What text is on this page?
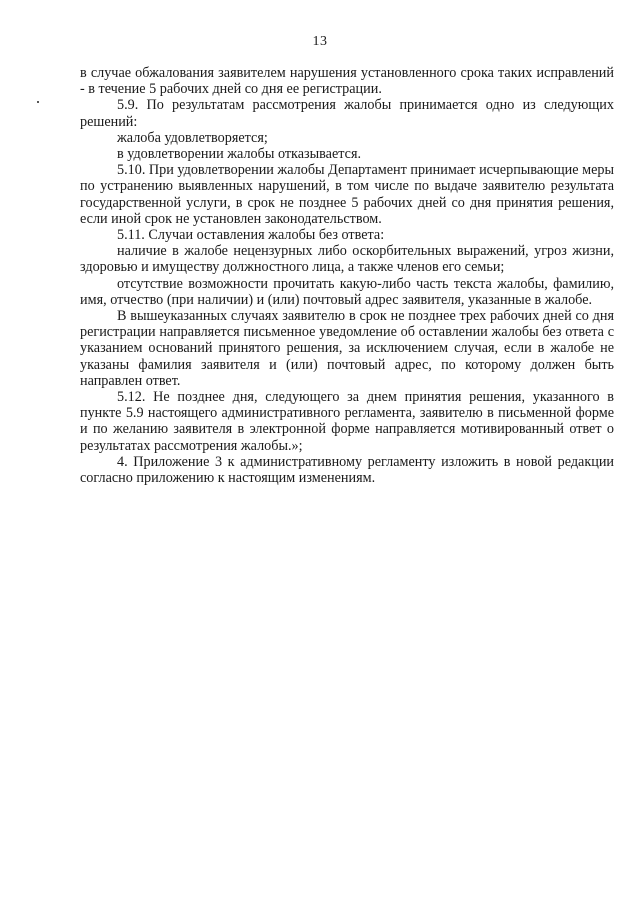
13

в случае обжалования заявителем нарушения установленного срока таких исправлений - в течение 5 рабочих дней со дня ее регистрации.

5.9. По результатам рассмотрения жалобы принимается одно из следующих решений:

жалоба удовлетворяется;

в удовлетворении жалобы отказывается.

5.10. При удовлетворении жалобы Департамент принимает исчерпывающие меры по устранению выявленных нарушений, в том числе по выдаче заявителю результата государственной услуги, в срок не позднее 5 рабочих дней со дня принятия решения, если иной срок не установлен законодательством.

5.11. Случаи оставления жалобы без ответа:

наличие в жалобе нецензурных либо оскорбительных выражений, угроз жизни, здоровью и имуществу должностного лица, а также членов его семьи;

отсутствие возможности прочитать какую-либо часть текста жалобы, фамилию, имя, отчество (при наличии) и (или) почтовый адрес заявителя, указанные в жалобе.

В вышеуказанных случаях заявителю в срок не позднее трех рабочих дней со дня регистрации направляется письменное уведомление об оставлении жалобы без ответа с указанием оснований принятого решения, за исключением случая, если в жалобе не указаны фамилия заявителя и (или) почтовый адрес, по которому должен быть направлен ответ.

5.12. Не позднее дня, следующего за днем принятия решения, указанного в пункте 5.9 настоящего административного регламента, заявителю в письменной форме и по желанию заявителя в электронной форме направляется мотивированный ответ о результатах рассмотрения жалобы.»;

4. Приложение 3 к административному регламенту изложить в новой редакции согласно приложению к настоящим изменениям.
